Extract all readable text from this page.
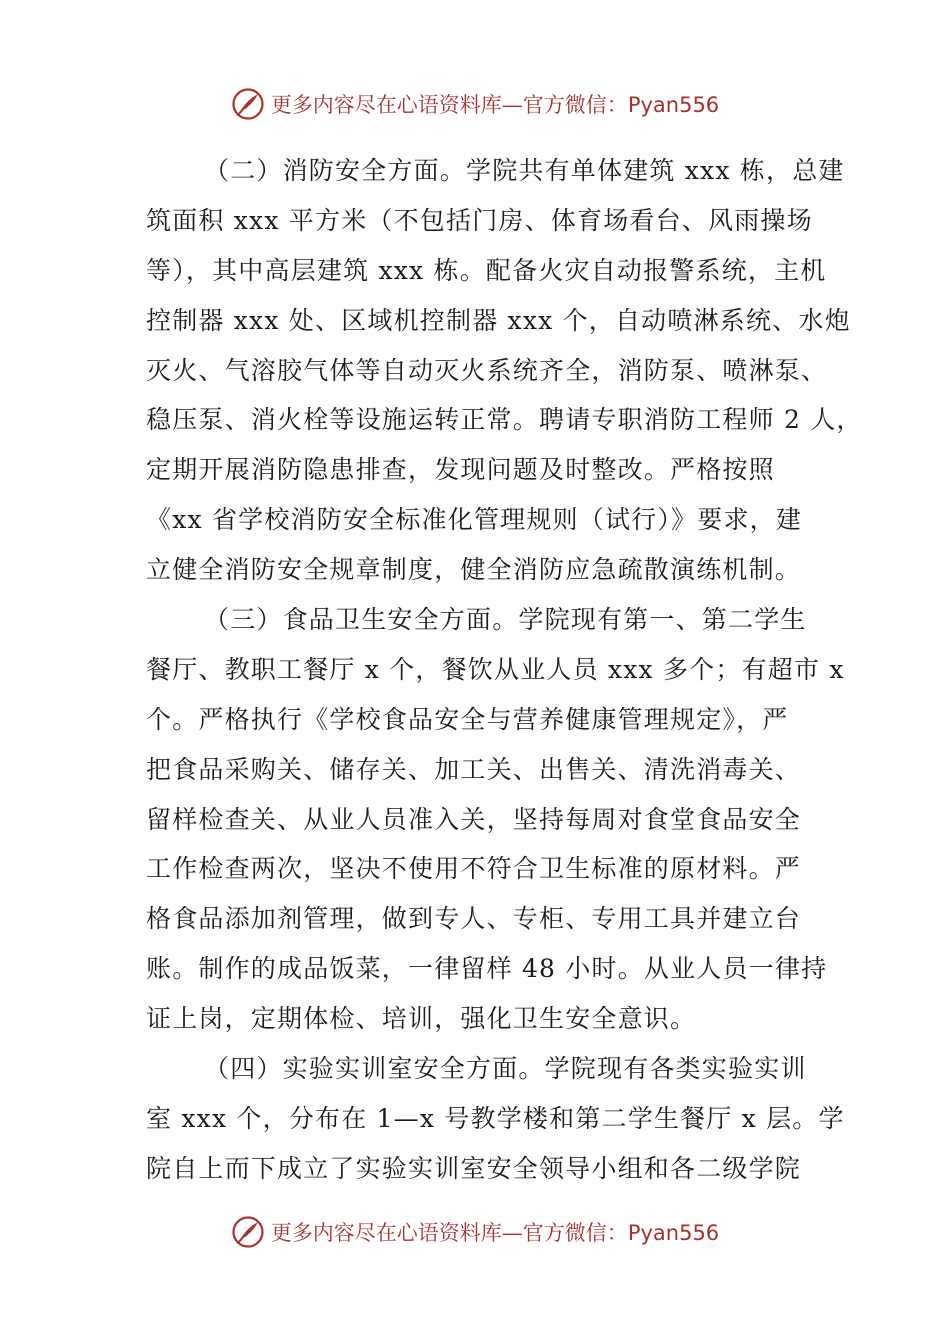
更多内容尽在心语资料库—官方微信：Pyan556
（二）消防安全方面。学院共有单体建筑 xxx 栋，总建
筑面积 xxx 平方米（不包括门房、体育场看台、风雨操场
等），其中高层建筑 xxx 栋。配备火灾自动报警系统，主机
控制器 xxx 处、区域机控制器 xxx 个，自动喷淋系统、水炮
灭火、气溶胶气体等自动灭火系统齐全，消防泵、喷淋泵、
稳压泵、消火栓等设施运转正常。聘请专职消防工程师 2 人，
定期开展消防隐患排查，发现问题及时整改。严格按照
《xx 省学校消防安全标准化管理规则（试行）》要求，建
立健全消防安全规章制度，健全消防应急疏散演练机制。
（三）食品卫生安全方面。学院现有第一、第二学生
餐厅、教职工餐厅 x 个，餐饮从业人员 xxx 多个；有超市 x
个。严格执行《学校食品安全与营养健康管理规定》，严
把食品采购关、储存关、加工关、出售关、清洗消毒关、
留样检查关、从业人员准入关，坚持每周对食堂食品安全
工作检查两次，坚决不使用不符合卫生标准的原材料。严
格食品添加剂管理，做到专人、专柜、专用工具并建立台
账。制作的成品饭菜，一律留样 48 小时。从业人员一律持
证上岗，定期体检、培训，强化卫生安全意识。
（四）实验实训室安全方面。学院现有各类实验实训
室 xxx 个，分布在 1—x 号教学楼和第二学生餐厅 x 层。学
院自上而下成立了实验实训室安全领导小组和各二级学院
更多内容尽在心语资料库—官方微信：Pyan556
